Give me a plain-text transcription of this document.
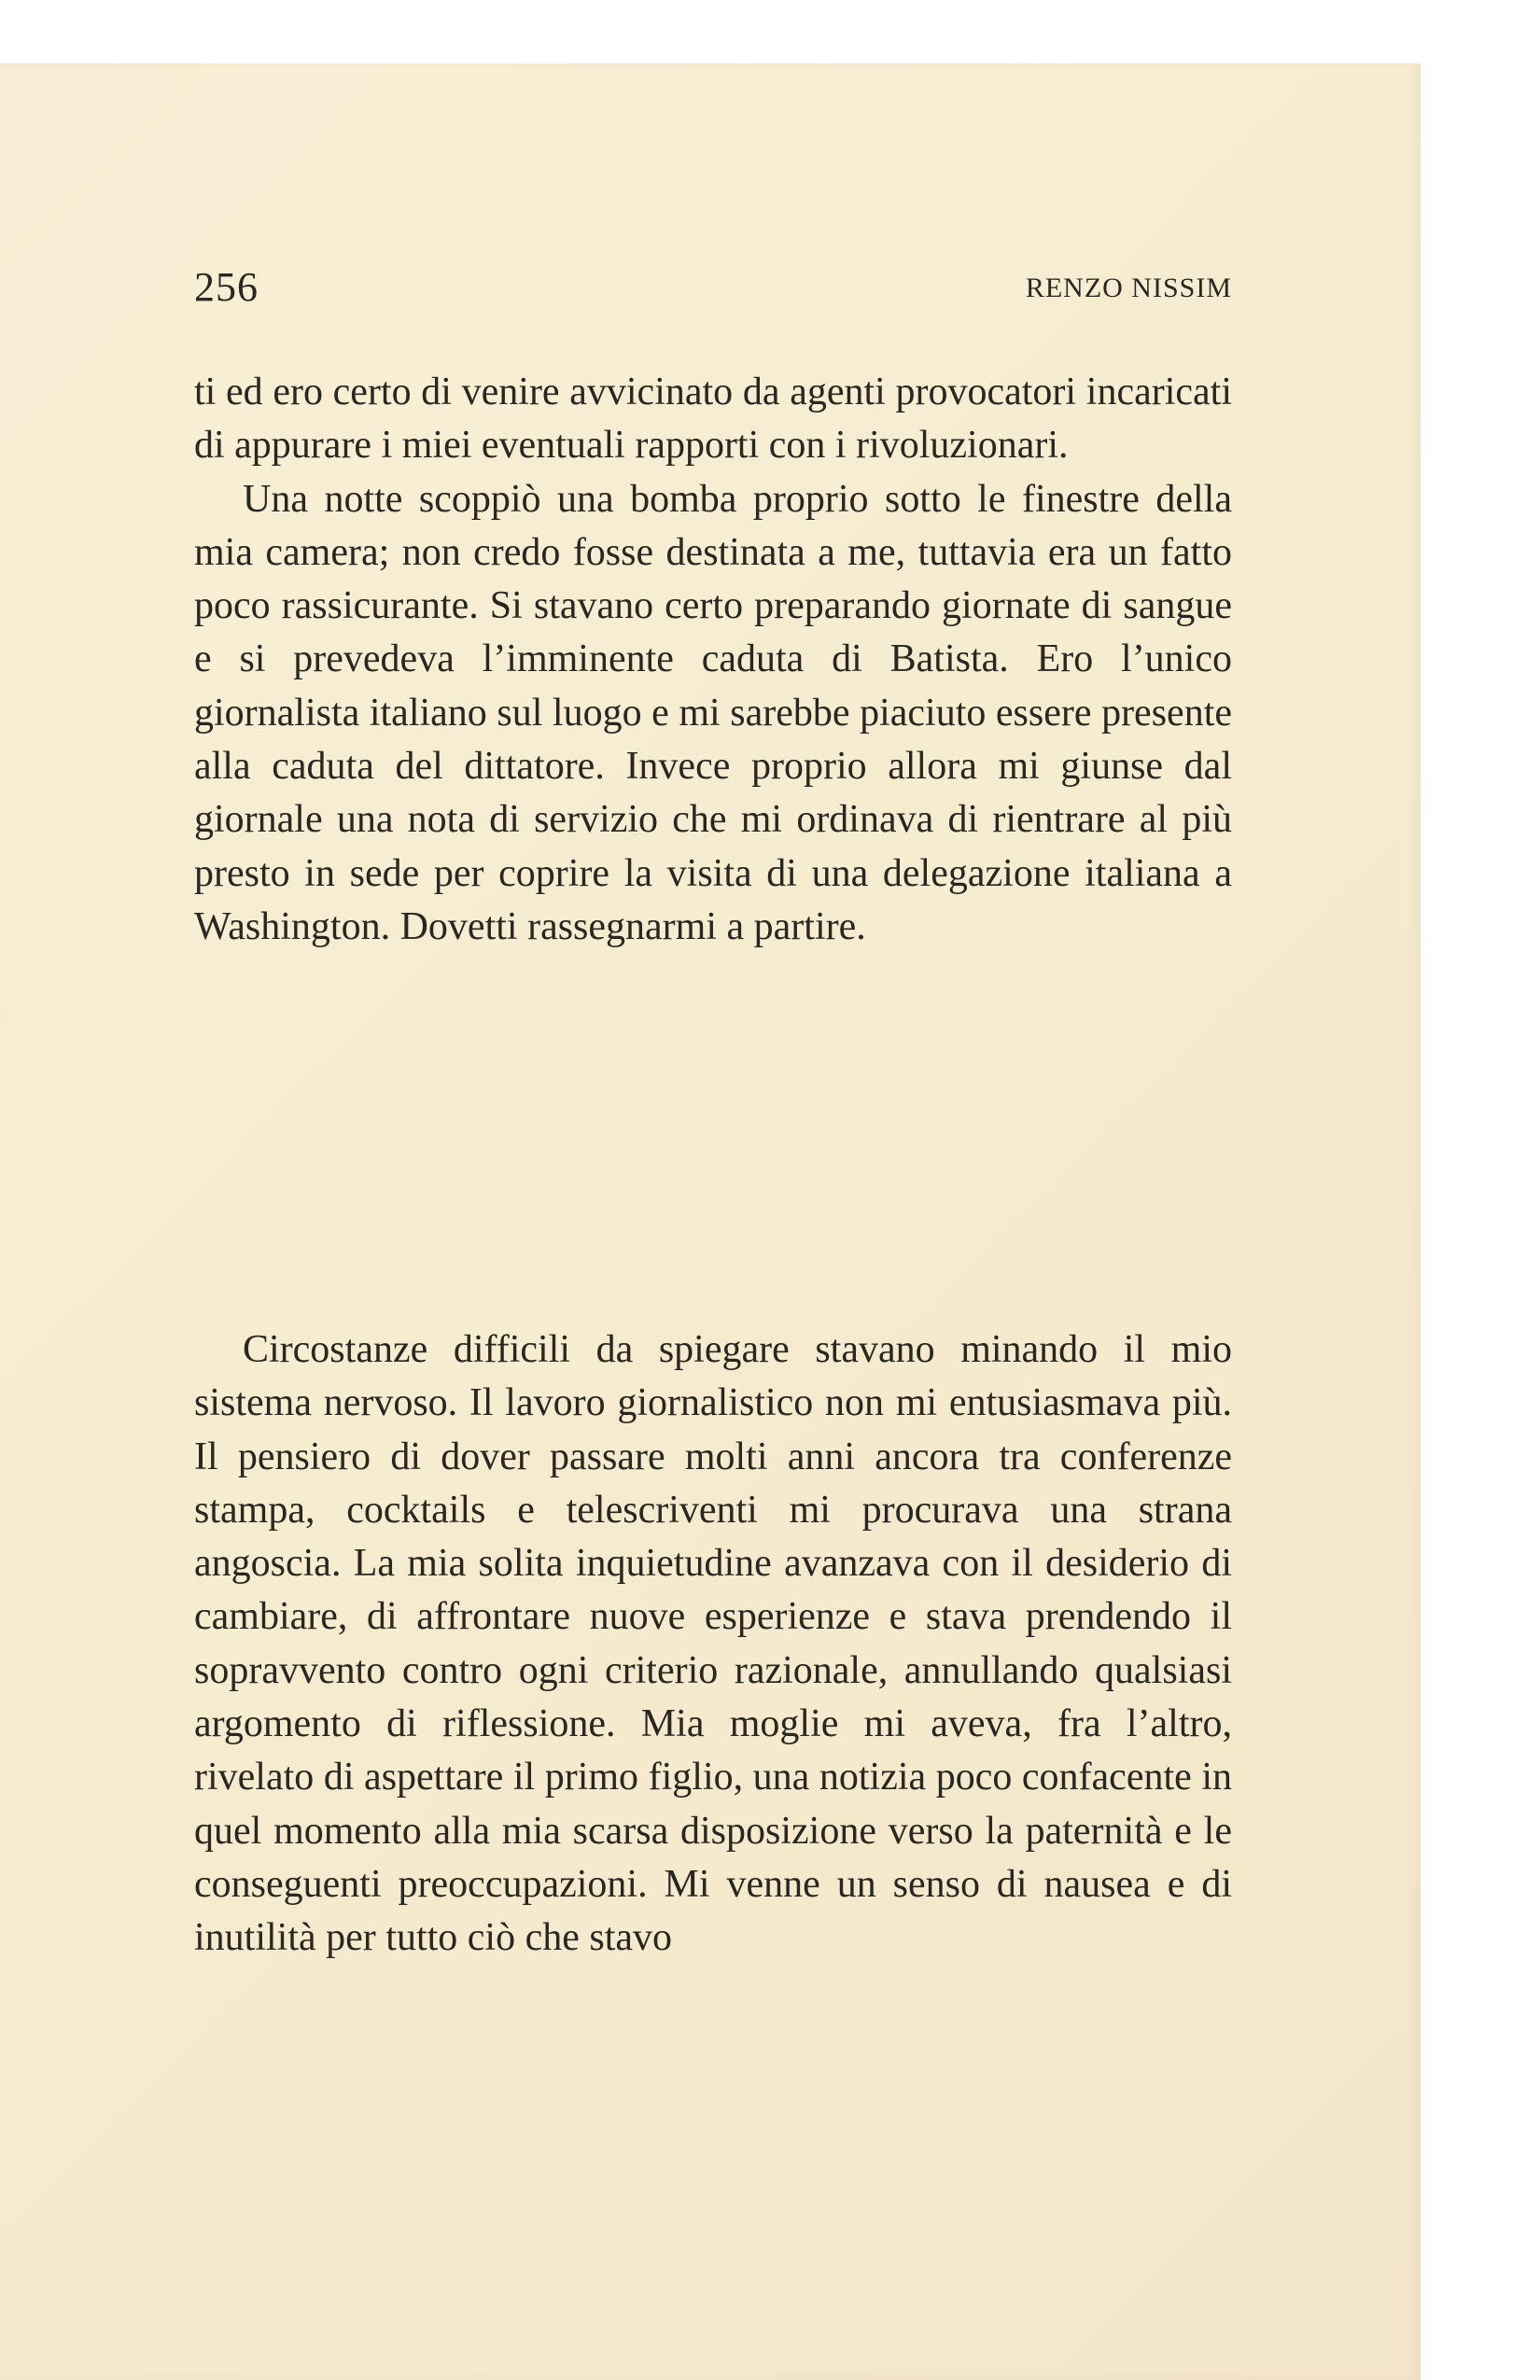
256	RENZO NISSIM

ti ed ero certo di venire avvicinato da agenti provocatori incaricati di appurare i miei eventuali rapporti con i rivoluzionari.

Una notte scoppiò una bomba proprio sotto le finestre della mia camera; non credo fosse destinata a me, tuttavia era un fatto poco rassicurante. Si stavano certo preparando giornate di sangue e si prevedeva l’imminente caduta di Batista. Ero l’unico giornalista italiano sul luogo e mi sarebbe piaciuto essere presente alla caduta del dittatore. Invece proprio allora mi giunse dal giornale una nota di servizio che mi ordinava di rientrare al più presto in sede per coprire la visita di una delegazione italiana a Washington. Dovetti rassegnarmi a partire.

Circostanze difficili da spiegare stavano minando il mio sistema nervoso. Il lavoro giornalistico non mi entusiasmava più. Il pensiero di dover passare molti anni ancora tra conferenze stampa, cocktails e telescriventi mi procurava una strana angoscia. La mia solita inquietudine avanzava con il desiderio di cambiare, di affrontare nuove esperienze e stava prendendo il sopravvento contro ogni criterio razionale, annullando qualsiasi argomento di riflessione. Mia moglie mi aveva, fra l’altro, rivelato di aspettare il primo figlio, una notizia poco confacente in quel momento alla mia scarsa disposizione verso la paternità e le conseguenti preoccupazioni. Mi venne un senso di nausea e di inutilità per tutto ciò che stavo
